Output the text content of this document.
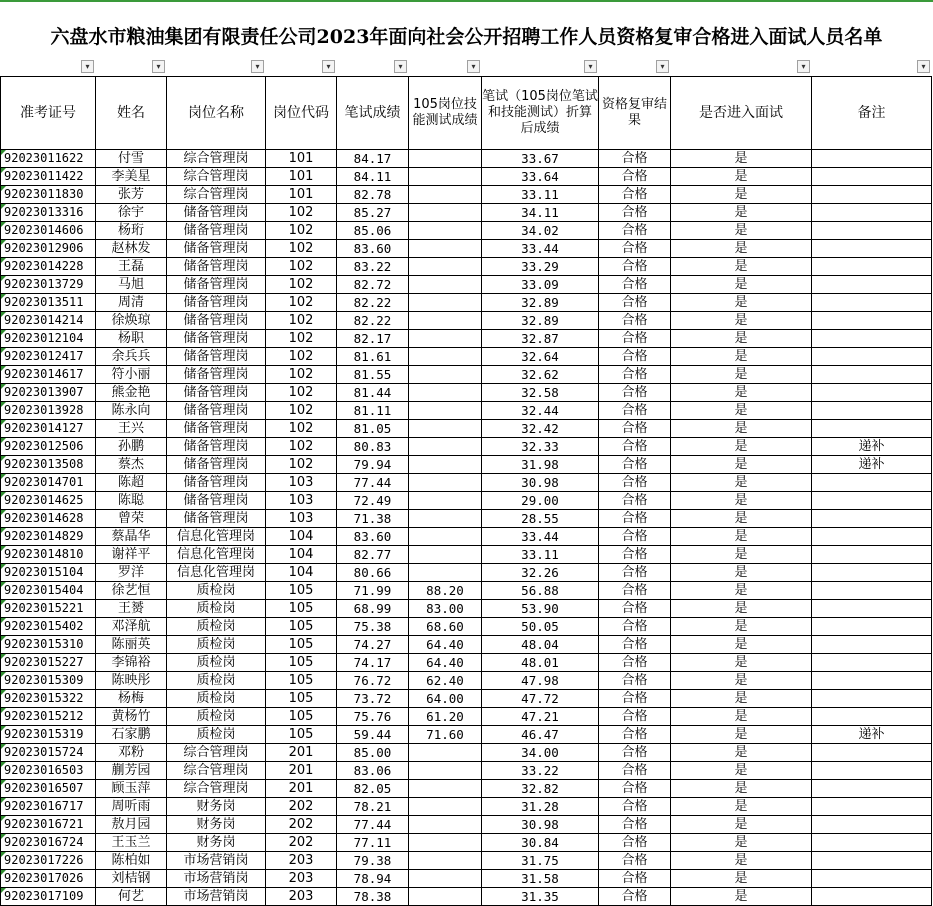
六盘水市粮油集团有限责任公司2023年面向社会公开招聘工作人员资格复审合格进入面试人员名单
▾	▾	▾	▾	▾	▾	▾	▾	▾	▾
准考证号	姓名	岗位名称	岗位代码	笔试成绩	105岗位技能测试成绩	笔试（105岗位笔试和技能测试）折算后成绩	资格复审结果	是否进入面试	备注
92023011622	付雪	综合管理岗	101	84.17		33.67	合格	是	
92023011422	李美星	综合管理岗	101	84.11		33.64	合格	是	
92023011830	张芳	综合管理岗	101	82.78		33.11	合格	是	
92023013316	徐宇	储备管理岗	102	85.27		34.11	合格	是	
92023014606	杨珩	储备管理岗	102	85.06		34.02	合格	是	
92023012906	赵林发	储备管理岗	102	83.60		33.44	合格	是	
92023014228	王磊	储备管理岗	102	83.22		33.29	合格	是	
92023013729	马旭	储备管理岗	102	82.72		33.09	合格	是	
92023013511	周清	储备管理岗	102	82.22		32.89	合格	是	
92023014214	徐焕琼	储备管理岗	102	82.22		32.89	合格	是	
92023012104	杨职	储备管理岗	102	82.17		32.87	合格	是	
92023012417	余兵兵	储备管理岗	102	81.61		32.64	合格	是	
92023014617	符小丽	储备管理岗	102	81.55		32.62	合格	是	
92023013907	熊金艳	储备管理岗	102	81.44		32.58	合格	是	
92023013928	陈永向	储备管理岗	102	81.11		32.44	合格	是	
92023014127	王兴	储备管理岗	102	81.05		32.42	合格	是	
92023012506	孙鹏	储备管理岗	102	80.83		32.33	合格	是	递补
92023013508	蔡杰	储备管理岗	102	79.94		31.98	合格	是	递补
92023014701	陈超	储备管理岗	103	77.44		30.98	合格	是	
92023014625	陈聪	储备管理岗	103	72.49		29.00	合格	是	
92023014628	曾荣	储备管理岗	103	71.38		28.55	合格	是	
92023014829	蔡晶华	信息化管理岗	104	83.60		33.44	合格	是	
92023014810	谢祥平	信息化管理岗	104	82.77		33.11	合格	是	
92023015104	罗洋	信息化管理岗	104	80.66		32.26	合格	是	
92023015404	徐艺恒	质检岗	105	71.99	88.20	56.88	合格	是	
92023015221	王赟	质检岗	105	68.99	83.00	53.90	合格	是	
92023015402	邓泽航	质检岗	105	75.38	68.60	50.05	合格	是	
92023015310	陈丽英	质检岗	105	74.27	64.40	48.04	合格	是	
92023015227	李锦裕	质检岗	105	74.17	64.40	48.01	合格	是	
92023015309	陈映彤	质检岗	105	76.72	62.40	47.98	合格	是	
92023015322	杨梅	质检岗	105	73.72	64.00	47.72	合格	是	
92023015212	黄杨竹	质检岗	105	75.76	61.20	47.21	合格	是	
92023015319	石家鹏	质检岗	105	59.44	71.60	46.47	合格	是	递补
92023015724	邓粉	综合管理岗	201	85.00		34.00	合格	是	
92023016503	蒯芳园	综合管理岗	201	83.06		33.22	合格	是	
92023016507	顾玉萍	综合管理岗	201	82.05		32.82	合格	是	
92023016717	周听雨	财务岗	202	78.21		31.28	合格	是	
92023016721	敖月园	财务岗	202	77.44		30.98	合格	是	
92023016724	王玉兰	财务岗	202	77.11		30.84	合格	是	
92023017226	陈柏如	市场营销岗	203	79.38		31.75	合格	是	
92023017026	刘桔钢	市场营销岗	203	78.94		31.58	合格	是	
92023017109	何艺	市场营销岗	203	78.38		31.35	合格	是	
